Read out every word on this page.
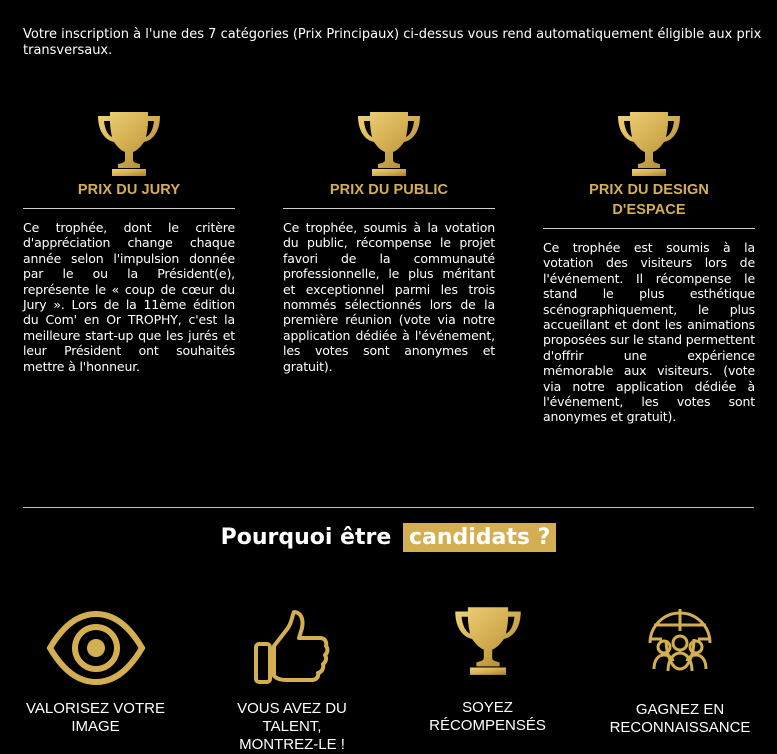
Votre inscription à l'une des 7 catégories (Prix Principaux) ci-dessus vous rend automatiquement éligible aux prix transversaux.
PRIX DU JURY
Ce trophée, dont le critère d'appréciation change chaque année selon l'impulsion donnée par le ou la Président(e), représente le « coup de cœur du Jury ». Lors de la 11ème édition du Com' en Or TROPHY, c'est la meilleure start-up que les jurés et leur Président ont souhaités mettre à l'honneur.
PRIX DU PUBLIC
Ce trophée, soumis à la votation du public, récompense le projet favori de la communauté professionnelle, le plus méritant et exceptionnel parmi les trois nommés sélectionnés lors de la première réunion (vote via notre application dédiée à l'événement, les votes sont anonymes et gratuit).
PRIX DU DESIGN D'ESPACE
Ce trophée est soumis à la votation des visiteurs lors de l'événement. Il récompense le stand le plus esthétique scénographiquement, le plus accueillant et dont les animations proposées sur le stand permettent d'offrir une expérience mémorable aux visiteurs. (vote via notre application dédiée à l'événement, les votes sont anonymes et gratuit).
Pourquoi être candidats ?
VALORISEZ VOTRE IMAGE
VOUS AVEZ DU TALENT, MONTREZ-LE !
SOYEZ RÉCOMPENSÉS
GAGNEZ EN RECONNAISSANCE
